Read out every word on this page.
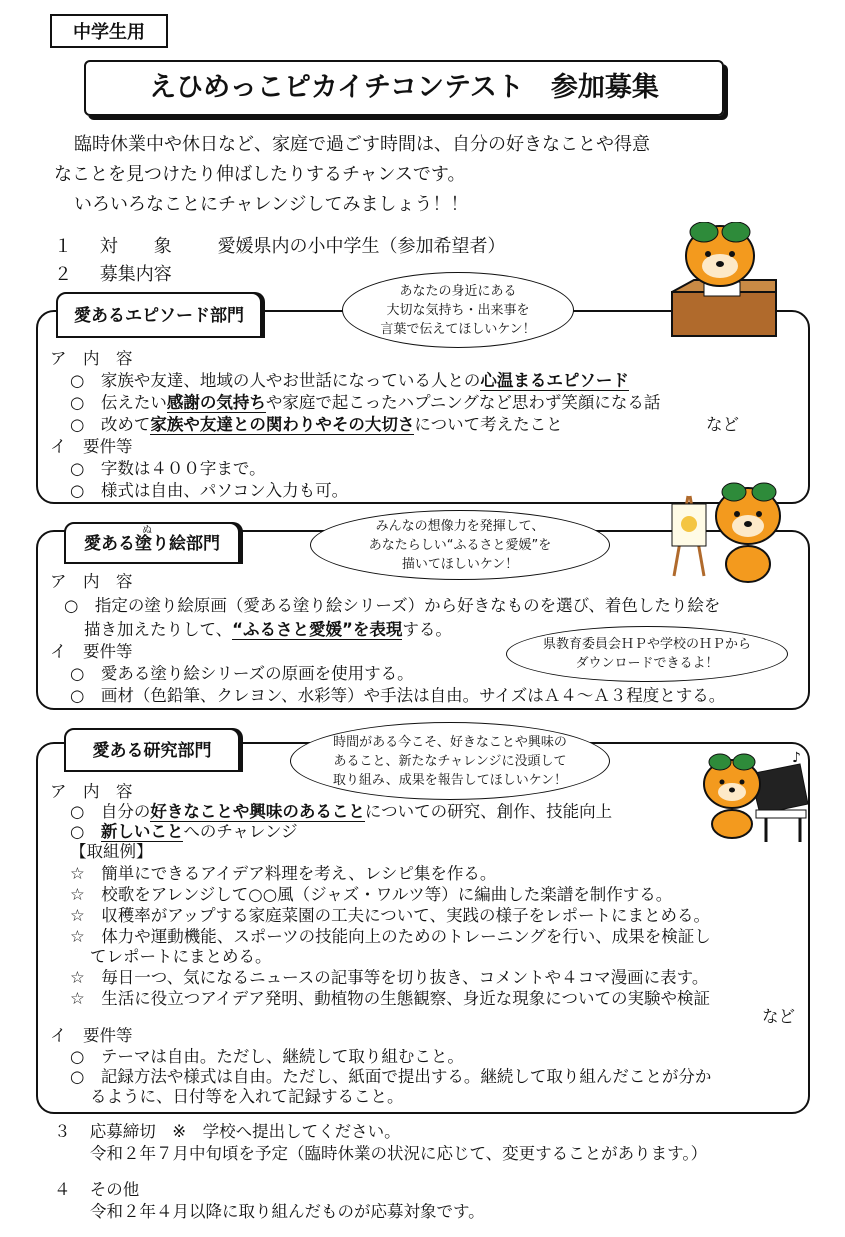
中学生用
えひめっこピカイチコンテスト　参加募集
臨時休業中や休日など、家庭で過ごす時間は、自分の好きなことや得意
なことを見つけたり伸ばしたりするチャンスです。
いろいろなことにチャレンジしてみましょう！！
１ 対　　象	愛媛県内の小中学生（参加希望者）
２ 募集内容
愛あるエピソード部門
あなたの身近にある
大切な気持ち・出来事を
言葉で伝えてほしいケン！
ア　内　容
○　家族や友達、地域の人やお世話になっている人との心温まるエピソード
○　伝えたい感謝の気持ちや家庭で起こったハプニングなど思わず笑顔になる話
○　改めて家族や友達との関わりやその大切さについて考えたこと	など
イ　要件等
○　字数は４００字まで。
○　様式は自由、パソコン入力も可。
愛ある塗り絵部門
ぬ	みんなの想像力を発揮して、
あなたらしい“ふるさと愛媛”を
描いてほしいケン！
ア　内　容
○　指定の塗り絵原画（愛ある塗り絵シリーズ）から好きなものを選び、着色したり絵を
描き加えたりして、“ふるさと愛媛”を表現する。
イ　要件等
○　愛ある塗り絵シリーズの原画を使用する。
○　画材（色鉛筆、クレヨン、水彩等）や手法は自由。サイズはＡ４～Ａ３程度とする。
県教育委員会ＨＰや学校のＨＰから
ダウンロードできるよ！
愛ある研究部門	時間がある今こそ、好きなことや興味の
あること、新たなチャレンジに没頭して
取り組み、成果を報告してほしいケン！
ア　内　容
○　自分の好きなことや興味のあることについての研究、創作、技能向上
○　新しいことへのチャレンジ
【取組例】
☆　簡単にできるアイデア料理を考え、レシピ集を作る。
☆　校歌をアレンジして○○風（ジャズ・ワルツ等）に編曲した楽譜を制作する。
☆　収穫率がアップする家庭菜園の工夫について、実践の様子をレポートにまとめる。
☆　体力や運動機能、スポーツの技能向上のためのトレーニングを行い、成果を検証し
てレポートにまとめる。
☆　毎日一つ、気になるニュースの記事等を切り抜き、コメントや４コマ漫画に表す。
☆　生活に役立つアイデア発明、動植物の生態観察、身近な現象についての実験や検証
など
イ　要件等
○　テーマは自由。ただし、継続して取り組むこと。
○　記録方法や様式は自由。ただし、紙面で提出する。継続して取り組んだことが分か
るように、日付等を入れて記録すること。
♪
３ 応募締切　※　学校へ提出してください。
令和２年７月中旬頃を予定（臨時休業の状況に応じて、変更することがあります。）
４ その他
令和２年４月以降に取り組んだものが応募対象です。
